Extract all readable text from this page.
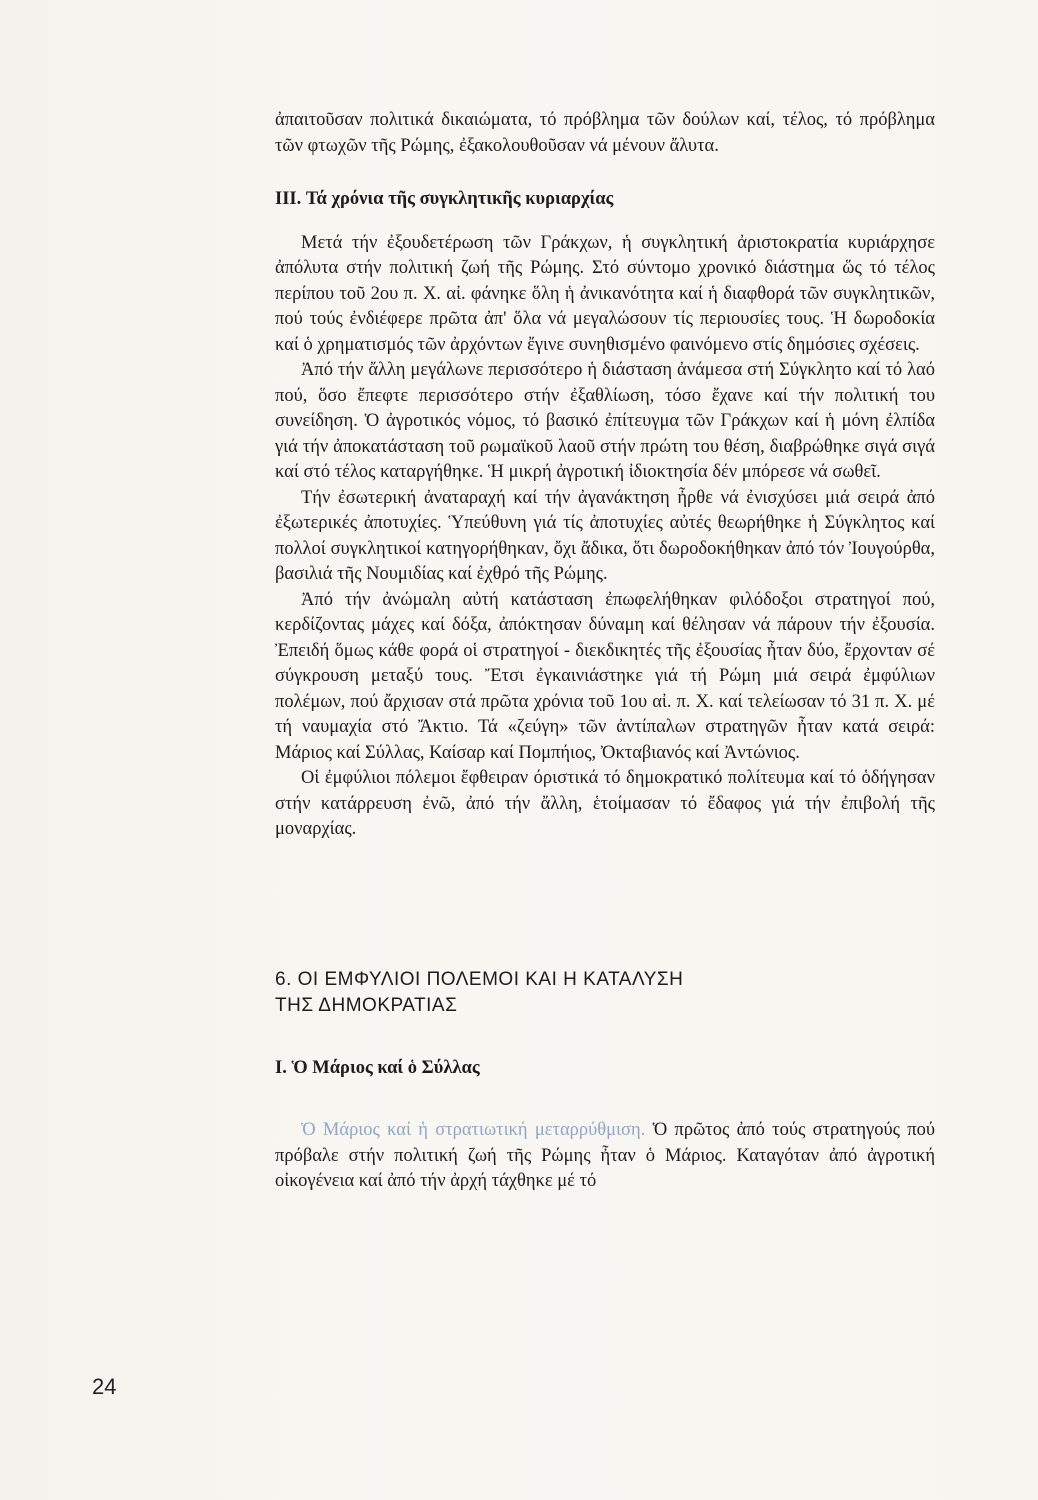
ἀπαιτοῦσαν πολιτικά δικαιώματα, τό πρόβλημα τῶν δούλων καί, τέλος, τό πρόβλημα τῶν φτωχῶν τῆς Ρώμης, ἐξακολουθοῦσαν νά μένουν ἄλυτα.

III. Τά χρόνια τῆς συγκλητικῆς κυριαρχίας

Μετά τήν ἐξουδετέρωση τῶν Γράκχων, ἡ συγκλητική ἀριστοκρατία κυριάρχησε ἀπόλυτα στήν πολιτική ζωή τῆς Ρώμης. Στό σύντομο χρονικό διάστημα ὥς τό τέλος περίπου τοῦ 2ου π. Χ. αἰ. φάνηκε ὅλη ἡ ἀνικανότητα καί ἡ διαφθορά τῶν συγκλητικῶν, πού τούς ἐνδιέφερε πρῶτα ἀπ' ὅλα νά μεγαλώσουν τίς περιουσίες τους. Ἡ δωροδοκία καί ὁ χρηματισμός τῶν ἀρχόντων ἔγινε συνηθισμένο φαινόμενο στίς δημόσιες σχέσεις.

Ἀπό τήν ἄλλη μεγάλωνε περισσότερο ἡ διάσταση ἀνάμεσα στή Σύγκλητο καί τό λαό πού, ὅσο ἔπεφτε περισσότερο στήν ἐξαθλίωση, τόσο ἔχανε καί τήν πολιτική του συνείδηση. Ὁ ἀγροτικός νόμος, τό βασικό ἐπίτευγμα τῶν Γράκχων καί ἡ μόνη ἐλπίδα γιά τήν ἀποκατάσταση τοῦ ρωμαϊκοῦ λαοῦ στήν πρώτη του θέση, διαβρώθηκε σιγά σιγά καί στό τέλος καταργήθηκε. Ἡ μικρή ἀγροτική ἰδιοκτησία δέν μπόρεσε νά σωθεῖ.

Τήν ἐσωτερική ἀναταραχή καί τήν ἀγανάκτηση ἦρθε νά ἐνισχύσει μιά σειρά ἀπό ἐξωτερικές ἀποτυχίες. Ὑπεύθυνη γιά τίς ἀποτυχίες αὐτές θεωρήθηκε ἡ Σύγκλητος καί πολλοί συγκλητικοί κατηγορήθηκαν, ὄχι ἄδικα, ὅτι δωροδοκήθηκαν ἀπό τόν Ἰουγούρθα, βασιλιά τῆς Νουμιδίας καί ἐχθρό τῆς Ρώμης.

Ἀπό τήν ἀνώμαλη αὐτή κατάσταση ἐπωφελήθηκαν φιλόδοξοι στρατηγοί πού, κερδίζοντας μάχες καί δόξα, ἀπόκτησαν δύναμη καί θέλησαν νά πάρουν τήν ἐξουσία. Ἐπειδή ὅμως κάθε φορά οἱ στρατηγοί - διεκδικητές τῆς ἐξουσίας ἦταν δύο, ἔρχονταν σέ σύγκρουση μεταξύ τους. Ἔτσι ἐγκαινιάστηκε γιά τή Ρώμη μιά σειρά ἐμφύλιων πολέμων, πού ἄρχισαν στά πρῶτα χρόνια τοῦ 1ου αἰ. π. Χ. καί τελείωσαν τό 31 π. Χ. μέ τή ναυμαχία στό Ἄκτιο. Τά «ζεύγη» τῶν ἀντίπαλων στρατηγῶν ἦταν κατά σειρά: Μάριος καί Σύλλας, Καίσαρ καί Πομπήιος, Ὀκταβιανός καί Ἀντώνιος.

Οἱ ἐμφύλιοι πόλεμοι ἔφθειραν όριστικά τό δημοκρατικό πολίτευμα καί τό ὁδήγησαν στήν κατάρρευση ἐνῶ, ἀπό τήν ἄλλη, ἑτοίμασαν τό ἔδαφος γιά τήν ἐπιβολή τῆς μοναρχίας.

6. ΟΙ ΕΜΦΥΛΙΟΙ ΠΟΛΕΜΟΙ ΚΑΙ Η ΚΑΤΑΛΥΣΗ

ΤΗΣ ΔΗΜΟΚΡΑΤΙΑΣ

I. Ὁ Μάριος καί ὁ Σύλλας

Ὁ Μάριος καί ἡ στρατιωτική μεταρρύθμιση. Ὁ πρῶτος ἀπό τούς στρατηγούς πού πρόβαλε στήν πολιτική ζωή τῆς Ρώμης ἦταν ὁ Μάριος. Καταγόταν ἀπό ἀγροτική οἰκογένεια καί ἀπό τήν ἀρχή τάχθηκε μέ τό

24
